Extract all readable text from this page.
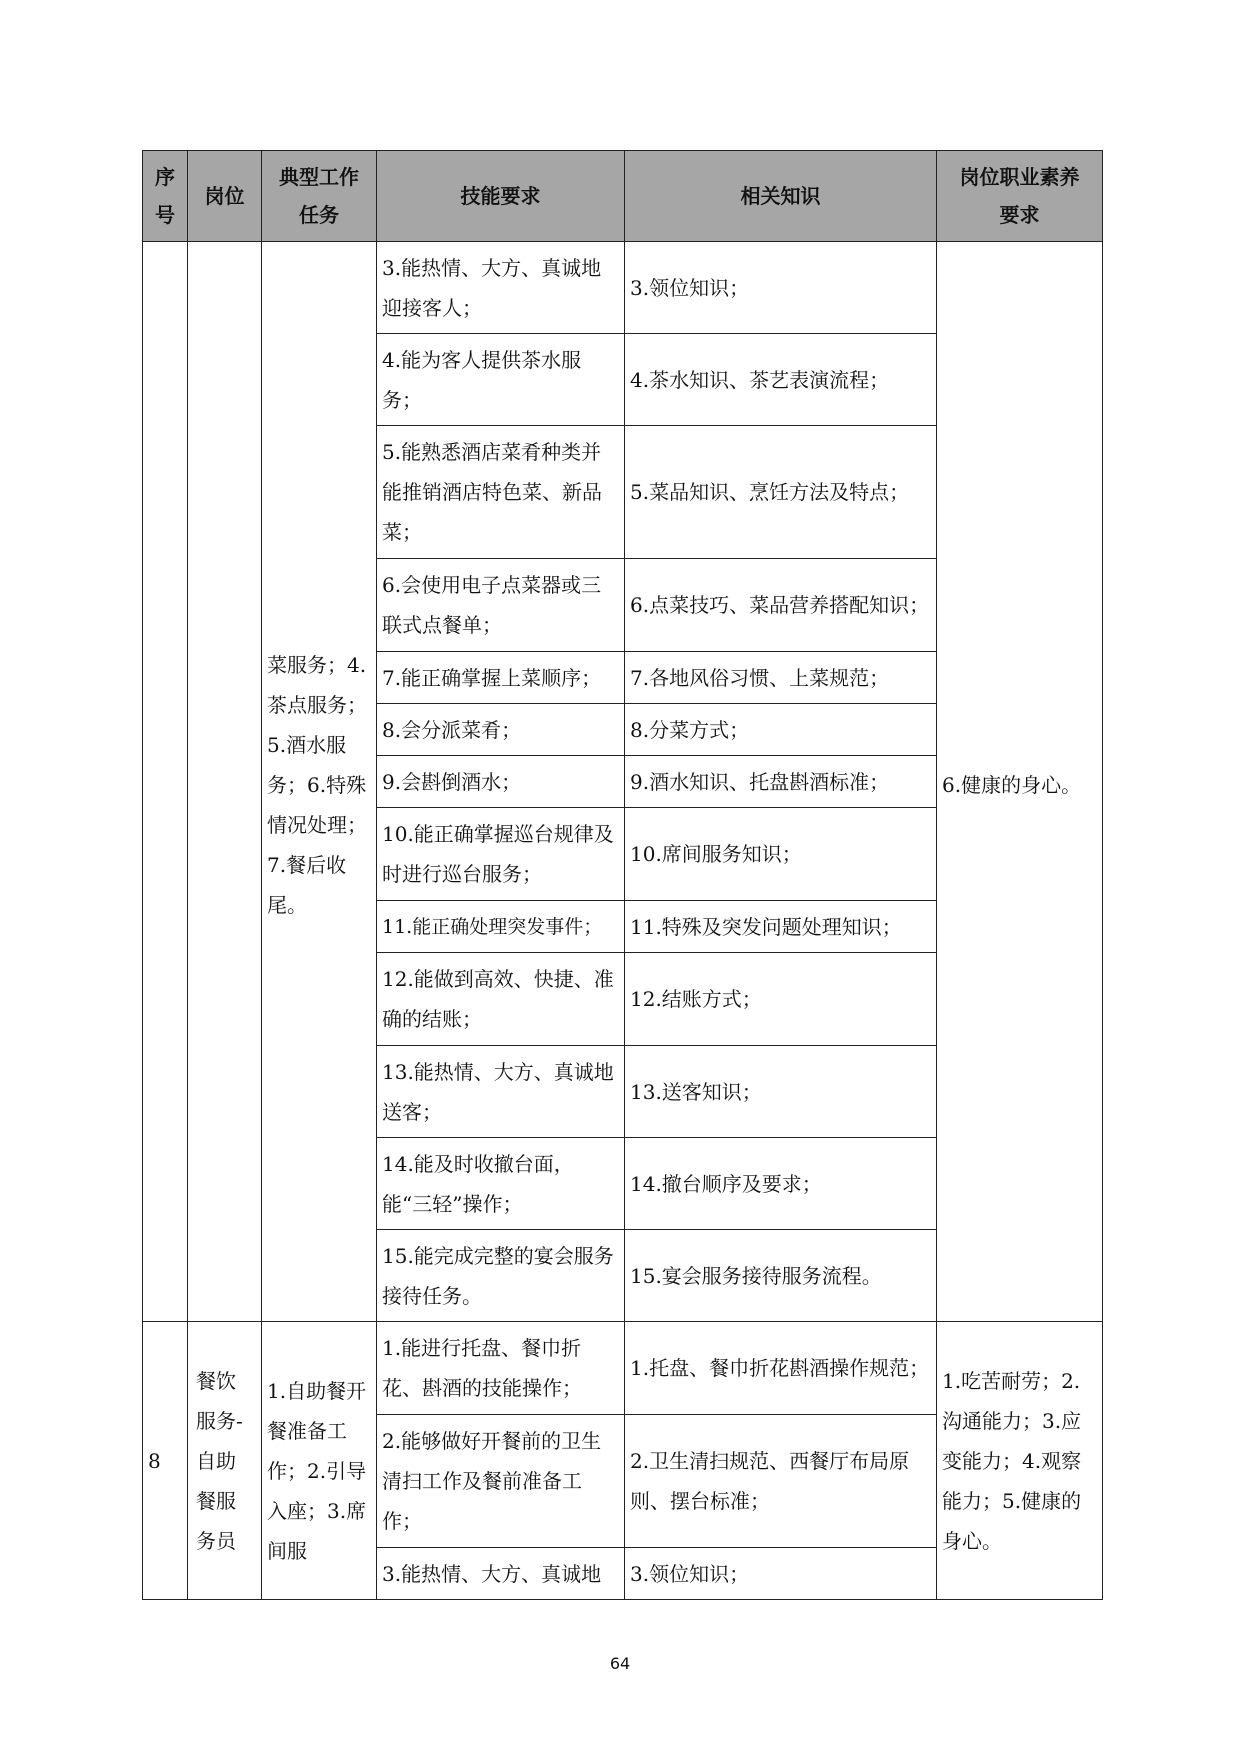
序号	岗位	典型工作任务	技能要求	相关知识	岗位职业素养要求
		菜服务；4.茶点服务；5.酒水服务；6.特殊情况处理；7.餐后收尾。	3.能热情、大方、真诚地迎接客人；	3.领位知识；	6.健康的身心。
			4.能为客人提供茶水服务；	4.茶水知识、茶艺表演流程；	
			5.能熟悉酒店菜肴种类并能推销酒店特色菜、新品菜；	5.菜品知识、烹饪方法及特点；	
			6.会使用电子点菜器或三联式点餐单；	6.点菜技巧、菜品营养搭配知识；	
			7.能正确掌握上菜顺序；	7.各地风俗习惯、上菜规范；	
			8.会分派菜肴；	8.分菜方式；	
			9.会斟倒酒水；	9.酒水知识、托盘斟酒标准；	
			10.能正确掌握巡台规律及时进行巡台服务；	10.席间服务知识；	
			11.能正确处理突发事件；	11.特殊及突发问题处理知识；	
			12.能做到高效、快捷、准确的结账；	12.结账方式；	
			13.能热情、大方、真诚地送客；	13.送客知识；	
			14.能及时收撤台面，能“三轻”操作；	14.撤台顺序及要求；	
			15.能完成完整的宴会服务接待任务。	15.宴会服务接待服务流程。	
8	餐饮服务-自助餐服务员	1.自助餐开餐准备工作；2.引导入座；3.席间服	1.能进行托盘、餐巾折花、斟酒的技能操作；	1.托盘、餐巾折花斟酒操作规范；	1.吃苦耐劳；2.沟通能力；3.应变能力；4.观察能力；5.健康的身心。
			2.能够做好开餐前的卫生清扫工作及餐前准备工作；	2.卫生清扫规范、西餐厅布局原则、摆台标准；	
			3.能热情、大方、真诚地	3.领位知识；	
64
